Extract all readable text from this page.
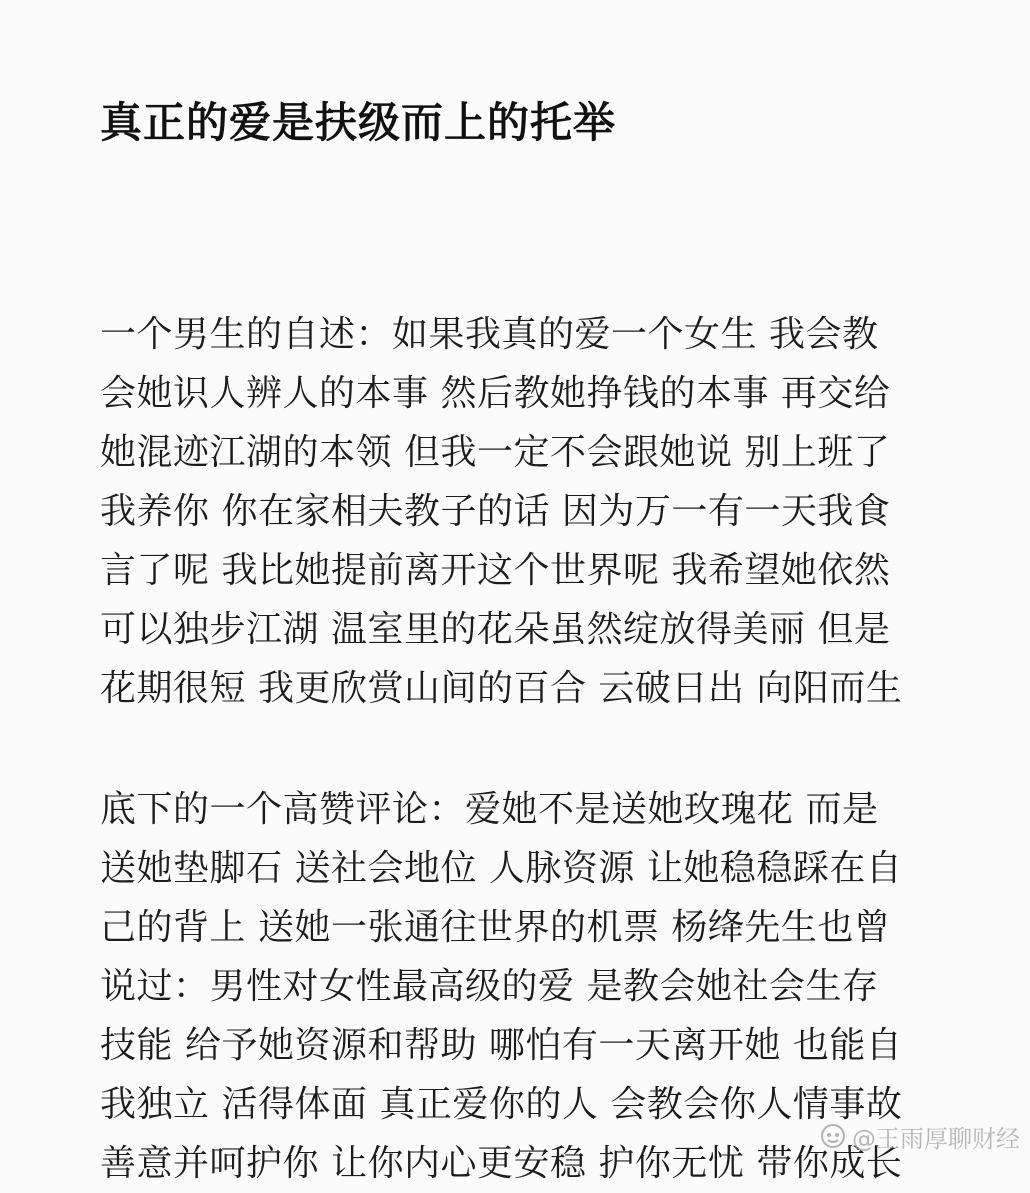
真正的爱是扶级而上的托举
一个男生的自述：如果我真的爱一个女生 我会教
会她识人辨人的本事 然后教她挣钱的本事 再交给
她混迹江湖的本领 但我一定不会跟她说 别上班了
我养你 你在家相夫教子的话 因为万一有一天我食
言了呢 我比她提前离开这个世界呢 我希望她依然
可以独步江湖 温室里的花朵虽然绽放得美丽 但是
花期很短 我更欣赏山间的百合 云破日出 向阳而生
底下的一个高赞评论：爱她不是送她玫瑰花 而是
送她垫脚石 送社会地位 人脉资源 让她稳稳踩在自
己的背上 送她一张通往世界的机票 杨绛先生也曾
说过：男性对女性最高级的爱 是教会她社会生存
技能 给予她资源和帮助 哪怕有一天离开她 也能自
我独立 活得体面 真正爱你的人 会教会你人情事故
善意并呵护你 让你内心更安稳 护你无忧 带你成长
@王雨厚聊财经
